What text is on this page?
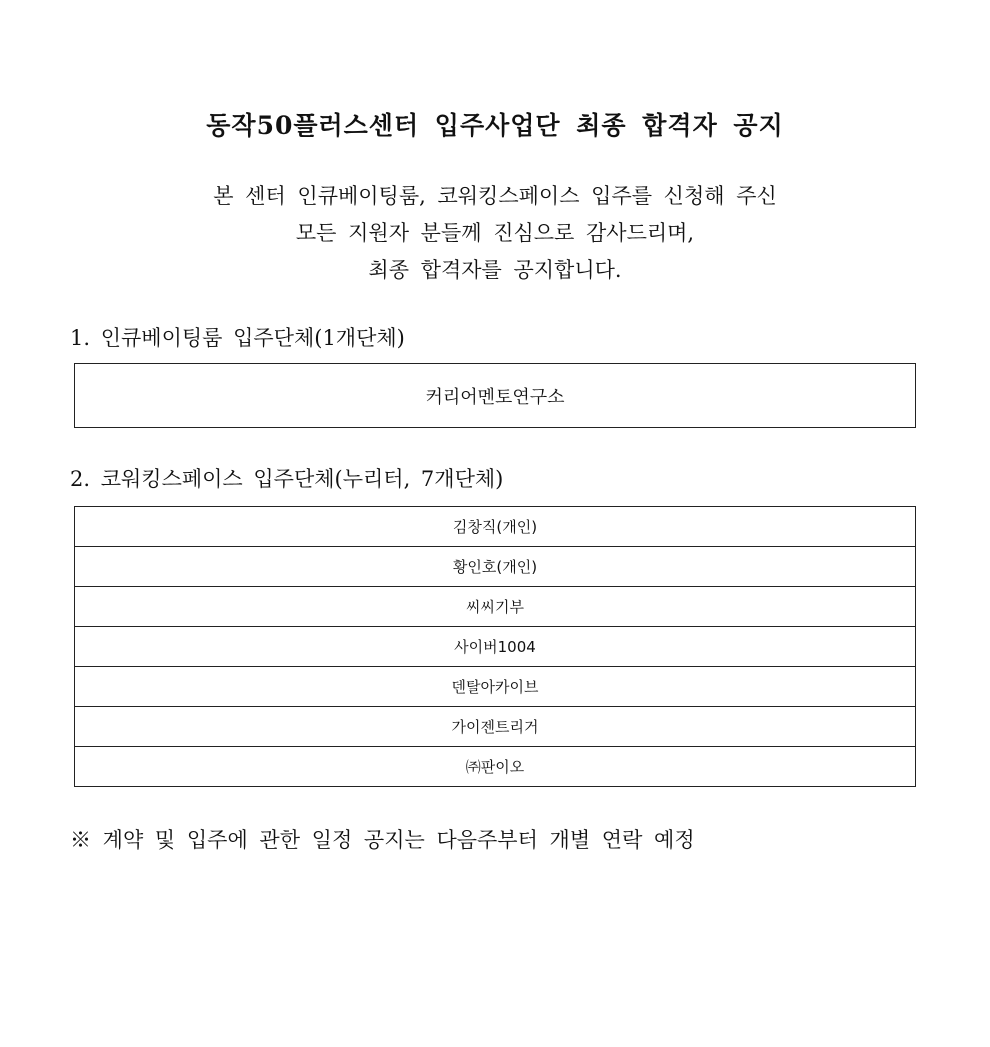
동작50플러스센터 입주사업단 최종 합격자 공지
본 센터 인큐베이팅룸, 코워킹스페이스 입주를 신청해 주신
모든 지원자 분들께 진심으로 감사드리며,
최종 합격자를 공지합니다.
1. 인큐베이팅룸 입주단체(1개단체)
커리어멘토연구소
2. 코워킹스페이스 입주단체(누리터, 7개단체)
김창직(개인)
황인호(개인)
씨씨기부
사이버1004
덴탈아카이브
가이젠트리거
㈜판이오
※ 계약 및 입주에 관한 일정 공지는 다음주부터 개별 연락 예정
